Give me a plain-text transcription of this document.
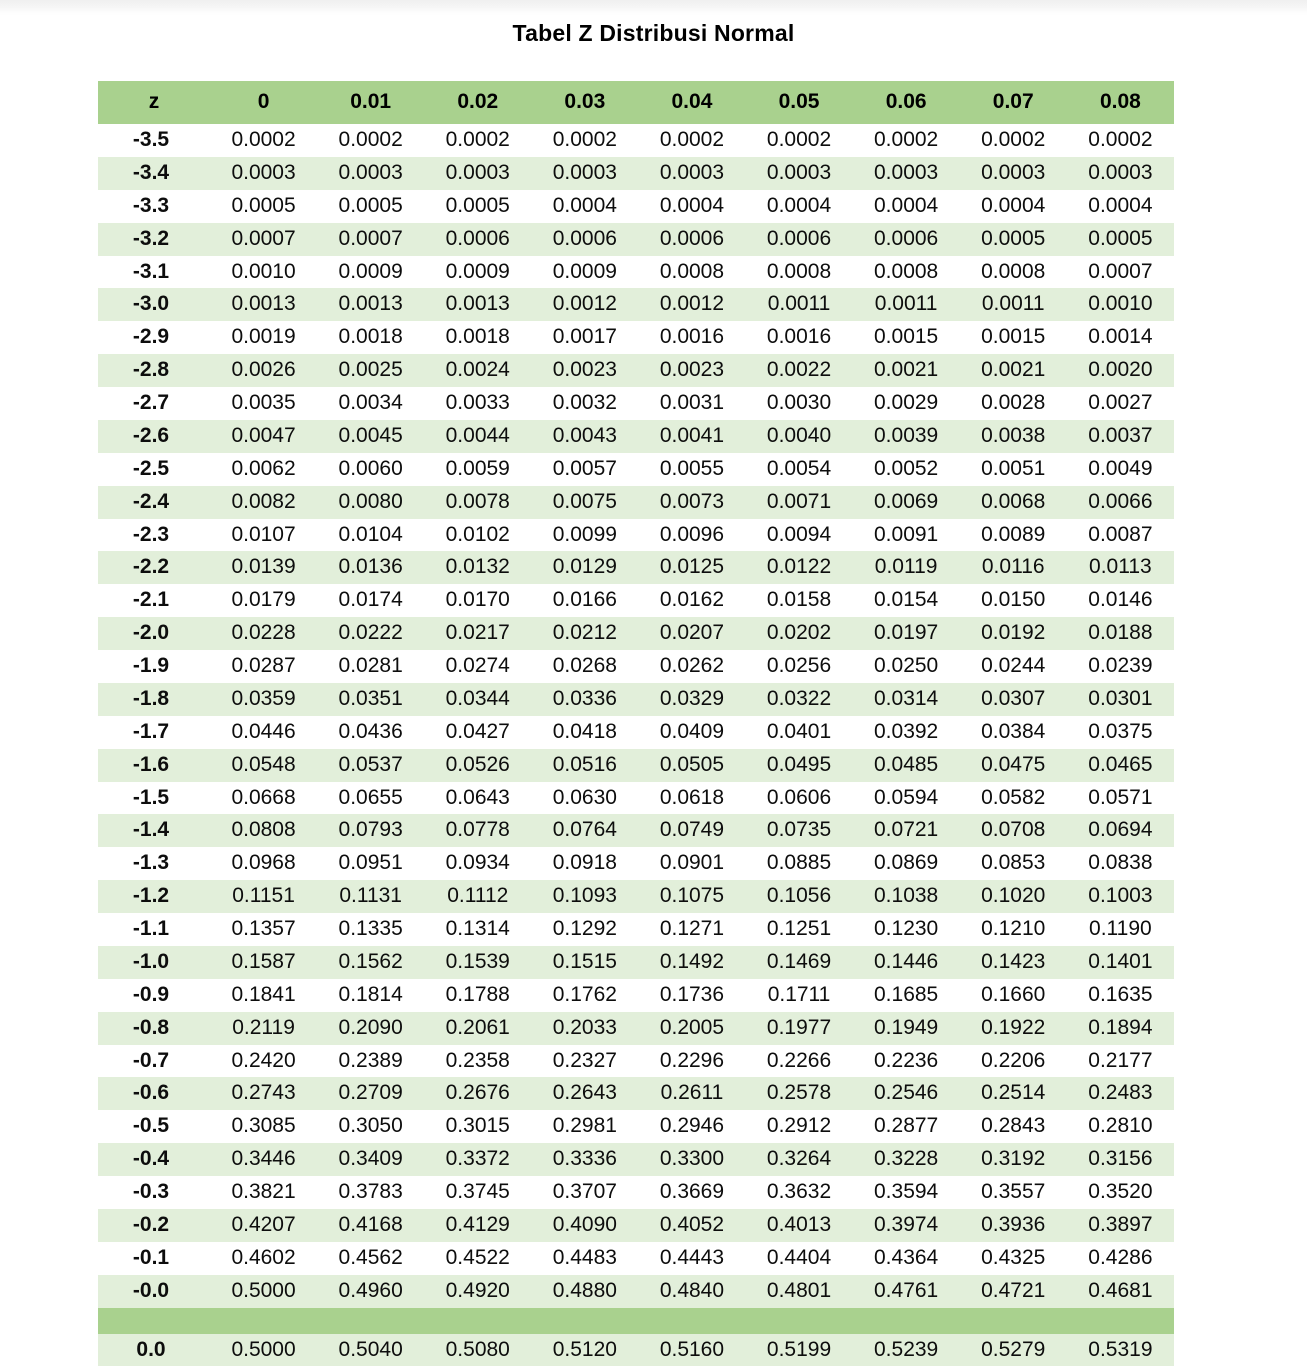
Tabel Z Distribusi Normal
z	0	0.01	0.02	0.03	0.04	0.05	0.06	0.07	0.08
-3.5	0.0002	0.0002	0.0002	0.0002	0.0002	0.0002	0.0002	0.0002	0.0002
-3.4	0.0003	0.0003	0.0003	0.0003	0.0003	0.0003	0.0003	0.0003	0.0003
-3.3	0.0005	0.0005	0.0005	0.0004	0.0004	0.0004	0.0004	0.0004	0.0004
-3.2	0.0007	0.0007	0.0006	0.0006	0.0006	0.0006	0.0006	0.0005	0.0005
-3.1	0.0010	0.0009	0.0009	0.0009	0.0008	0.0008	0.0008	0.0008	0.0007
-3.0	0.0013	0.0013	0.0013	0.0012	0.0012	0.0011	0.0011	0.0011	0.0010
-2.9	0.0019	0.0018	0.0018	0.0017	0.0016	0.0016	0.0015	0.0015	0.0014
-2.8	0.0026	0.0025	0.0024	0.0023	0.0023	0.0022	0.0021	0.0021	0.0020
-2.7	0.0035	0.0034	0.0033	0.0032	0.0031	0.0030	0.0029	0.0028	0.0027
-2.6	0.0047	0.0045	0.0044	0.0043	0.0041	0.0040	0.0039	0.0038	0.0037
-2.5	0.0062	0.0060	0.0059	0.0057	0.0055	0.0054	0.0052	0.0051	0.0049
-2.4	0.0082	0.0080	0.0078	0.0075	0.0073	0.0071	0.0069	0.0068	0.0066
-2.3	0.0107	0.0104	0.0102	0.0099	0.0096	0.0094	0.0091	0.0089	0.0087
-2.2	0.0139	0.0136	0.0132	0.0129	0.0125	0.0122	0.0119	0.0116	0.0113
-2.1	0.0179	0.0174	0.0170	0.0166	0.0162	0.0158	0.0154	0.0150	0.0146
-2.0	0.0228	0.0222	0.0217	0.0212	0.0207	0.0202	0.0197	0.0192	0.0188
-1.9	0.0287	0.0281	0.0274	0.0268	0.0262	0.0256	0.0250	0.0244	0.0239
-1.8	0.0359	0.0351	0.0344	0.0336	0.0329	0.0322	0.0314	0.0307	0.0301
-1.7	0.0446	0.0436	0.0427	0.0418	0.0409	0.0401	0.0392	0.0384	0.0375
-1.6	0.0548	0.0537	0.0526	0.0516	0.0505	0.0495	0.0485	0.0475	0.0465
-1.5	0.0668	0.0655	0.0643	0.0630	0.0618	0.0606	0.0594	0.0582	0.0571
-1.4	0.0808	0.0793	0.0778	0.0764	0.0749	0.0735	0.0721	0.0708	0.0694
-1.3	0.0968	0.0951	0.0934	0.0918	0.0901	0.0885	0.0869	0.0853	0.0838
-1.2	0.1151	0.1131	0.1112	0.1093	0.1075	0.1056	0.1038	0.1020	0.1003
-1.1	0.1357	0.1335	0.1314	0.1292	0.1271	0.1251	0.1230	0.1210	0.1190
-1.0	0.1587	0.1562	0.1539	0.1515	0.1492	0.1469	0.1446	0.1423	0.1401
-0.9	0.1841	0.1814	0.1788	0.1762	0.1736	0.1711	0.1685	0.1660	0.1635
-0.8	0.2119	0.2090	0.2061	0.2033	0.2005	0.1977	0.1949	0.1922	0.1894
-0.7	0.2420	0.2389	0.2358	0.2327	0.2296	0.2266	0.2236	0.2206	0.2177
-0.6	0.2743	0.2709	0.2676	0.2643	0.2611	0.2578	0.2546	0.2514	0.2483
-0.5	0.3085	0.3050	0.3015	0.2981	0.2946	0.2912	0.2877	0.2843	0.2810
-0.4	0.3446	0.3409	0.3372	0.3336	0.3300	0.3264	0.3228	0.3192	0.3156
-0.3	0.3821	0.3783	0.3745	0.3707	0.3669	0.3632	0.3594	0.3557	0.3520
-0.2	0.4207	0.4168	0.4129	0.4090	0.4052	0.4013	0.3974	0.3936	0.3897
-0.1	0.4602	0.4562	0.4522	0.4483	0.4443	0.4404	0.4364	0.4325	0.4286
-0.0	0.5000	0.4960	0.4920	0.4880	0.4840	0.4801	0.4761	0.4721	0.4681

0.0	0.5000	0.5040	0.5080	0.5120	0.5160	0.5199	0.5239	0.5279	0.5319
